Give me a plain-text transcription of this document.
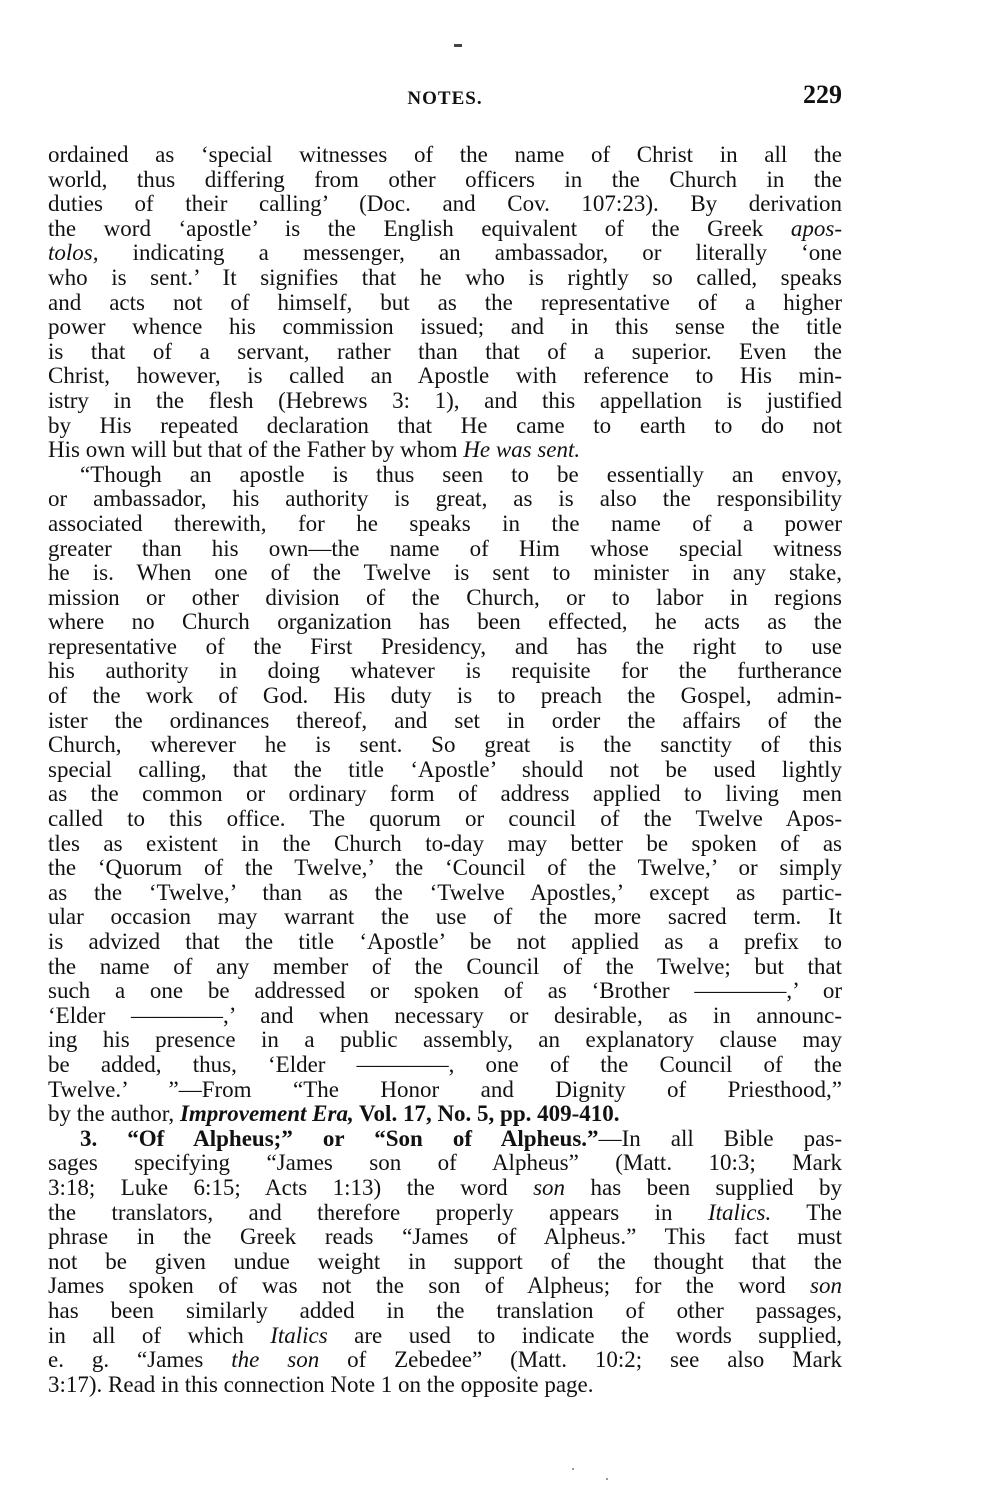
NOTES.	229
ordained as ‘special witnesses of the name of Christ in all the
world, thus differing from other officers in the Church in the
duties of their calling’ (Doc. and Cov. 107:23). By derivation
the word ‘apostle’ is the English equivalent of the Greek apos-
tolos, indicating a messenger, an ambassador, or literally ‘one
who is sent.’ It signifies that he who is rightly so called, speaks
and acts not of himself, but as the representative of a higher
power whence his commission issued; and in this sense the title
is that of a servant, rather than that of a superior. Even the
Christ, however, is called an Apostle with reference to His min-
istry in the flesh (Hebrews 3: 1), and this appellation is justified
by His repeated declaration that He came to earth to do not
His own will but that of the Father by whom He was sent.
“Though an apostle is thus seen to be essentially an envoy,
or ambassador, his authority is great, as is also the responsibility
associated therewith, for he speaks in the name of a power
greater than his own—the name of Him whose special witness
he is. When one of the Twelve is sent to minister in any stake,
mission or other division of the Church, or to labor in regions
where no Church organization has been effected, he acts as the
representative of the First Presidency, and has the right to use
his authority in doing whatever is requisite for the furtherance
of the work of God. His duty is to preach the Gospel, admin-
ister the ordinances thereof, and set in order the affairs of the
Church, wherever he is sent. So great is the sanctity of this
special calling, that the title ‘Apostle’ should not be used lightly
as the common or ordinary form of address applied to living men
called to this office. The quorum or council of the Twelve Apos-
tles as existent in the Church to-day may better be spoken of as
the ‘Quorum of the Twelve,’ the ‘Council of the Twelve,’ or simply
as the ‘Twelve,’ than as the ‘Twelve Apostles,’ except as partic-
ular occasion may warrant the use of the more sacred term. It
is advized that the title ‘Apostle’ be not applied as a prefix to
the name of any member of the Council of the Twelve; but that
such a one be addressed or spoken of as ‘Brother ————,’ or
‘Elder ————,’ and when necessary or desirable, as in announc-
ing his presence in a public assembly, an explanatory clause may
be added, thus, ‘Elder ————, one of the Council of the
Twelve.’ ”—From “The Honor and Dignity of Priesthood,”
by the author, Improvement Era, Vol. 17, No. 5, pp. 409-410.
3. “Of Alpheus;” or “Son of Alpheus.”—In all Bible pas-
sages specifying “James son of Alpheus” (Matt. 10:3; Mark
3:18; Luke 6:15; Acts 1:13) the word son has been supplied by
the translators, and therefore properly appears in Italics. The
phrase in the Greek reads “James of Alpheus.” This fact must
not be given undue weight in support of the thought that the
James spoken of was not the son of Alpheus; for the word son
has been similarly added in the translation of other passages,
in all of which Italics are used to indicate the words supplied,
e. g. “James the son of Zebedee” (Matt. 10:2; see also Mark
3:17). Read in this connection Note 1 on the opposite page.
